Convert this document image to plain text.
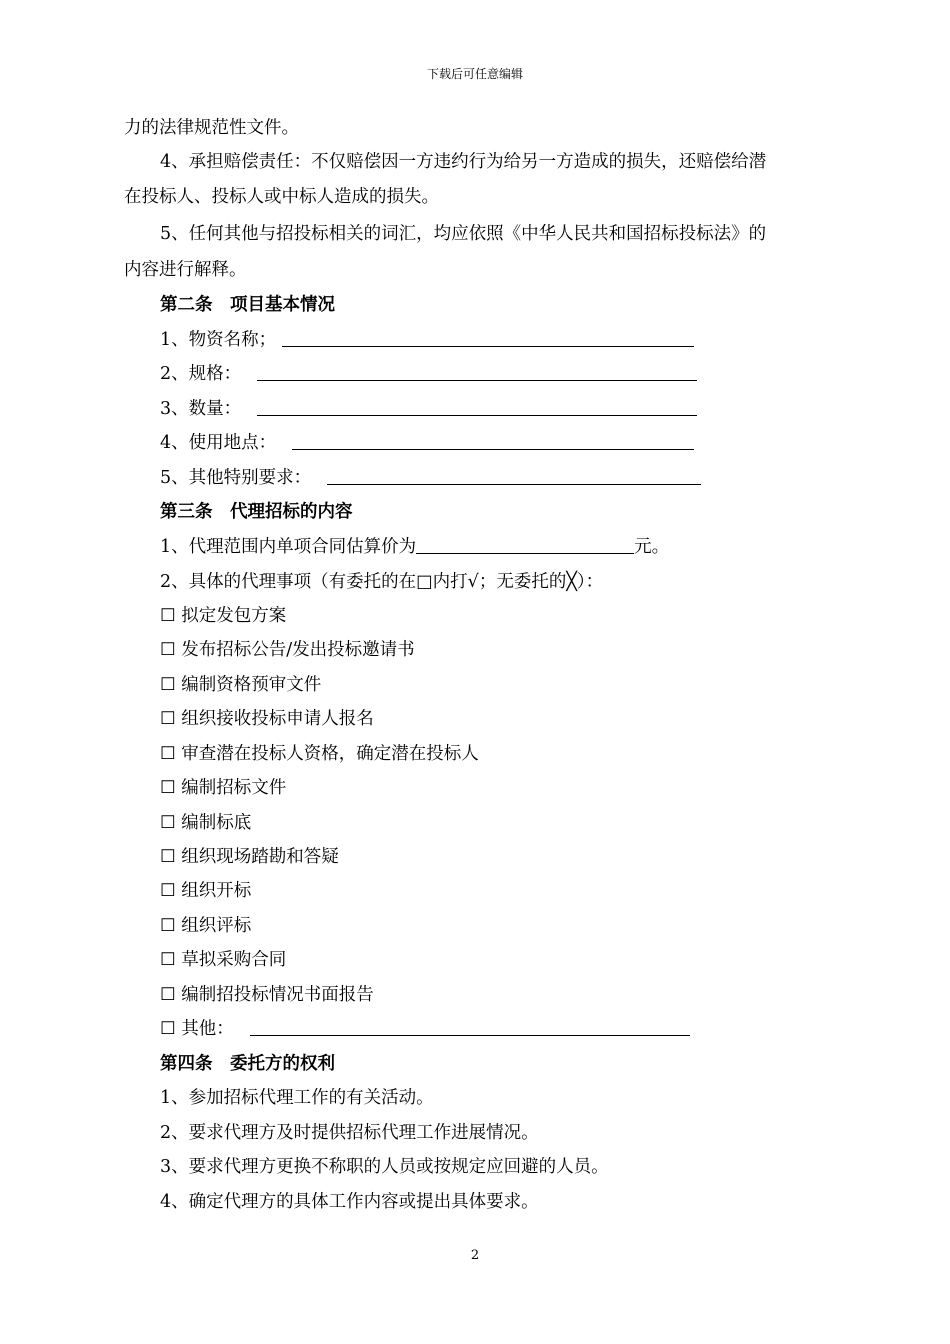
下载后可任意编辑
力的法律规范性文件。
4、承担赔偿责任：不仅赔偿因一方违约行为给另一方造成的损失，还赔偿给潜
在投标人、投标人或中标人造成的损失。
5、任何其他与招投标相关的词汇，均应依照《中华人民共和国招标投标法》的
内容进行解释。
第二条　项目基本情况
1、物资名称；
2、规格：
3、数量：
4、使用地点：
5、其他特别要求：
第三条　代理招标的内容
1、代理范围内单项合同估算价为	元。
2、具体的代理事项（有委托的在□内打√；无委托的╳）：
☐ 拟定发包方案
☐ 发布招标公告/发出投标邀请书
☐ 编制资格预审文件
☐ 组织接收投标申请人报名
☐ 审查潜在投标人资格，确定潜在投标人
☐ 编制招标文件
☐ 编制标底
☐ 组织现场踏勘和答疑
☐ 组织开标
☐ 组织评标
☐ 草拟采购合同
☐ 编制招投标情况书面报告
☐ 其他：
第四条　委托方的权利
1、参加招标代理工作的有关活动。
2、要求代理方及时提供招标代理工作进展情况。
3、要求代理方更换不称职的人员或按规定应回避的人员。
4、确定代理方的具体工作内容或提出具体要求。
2
